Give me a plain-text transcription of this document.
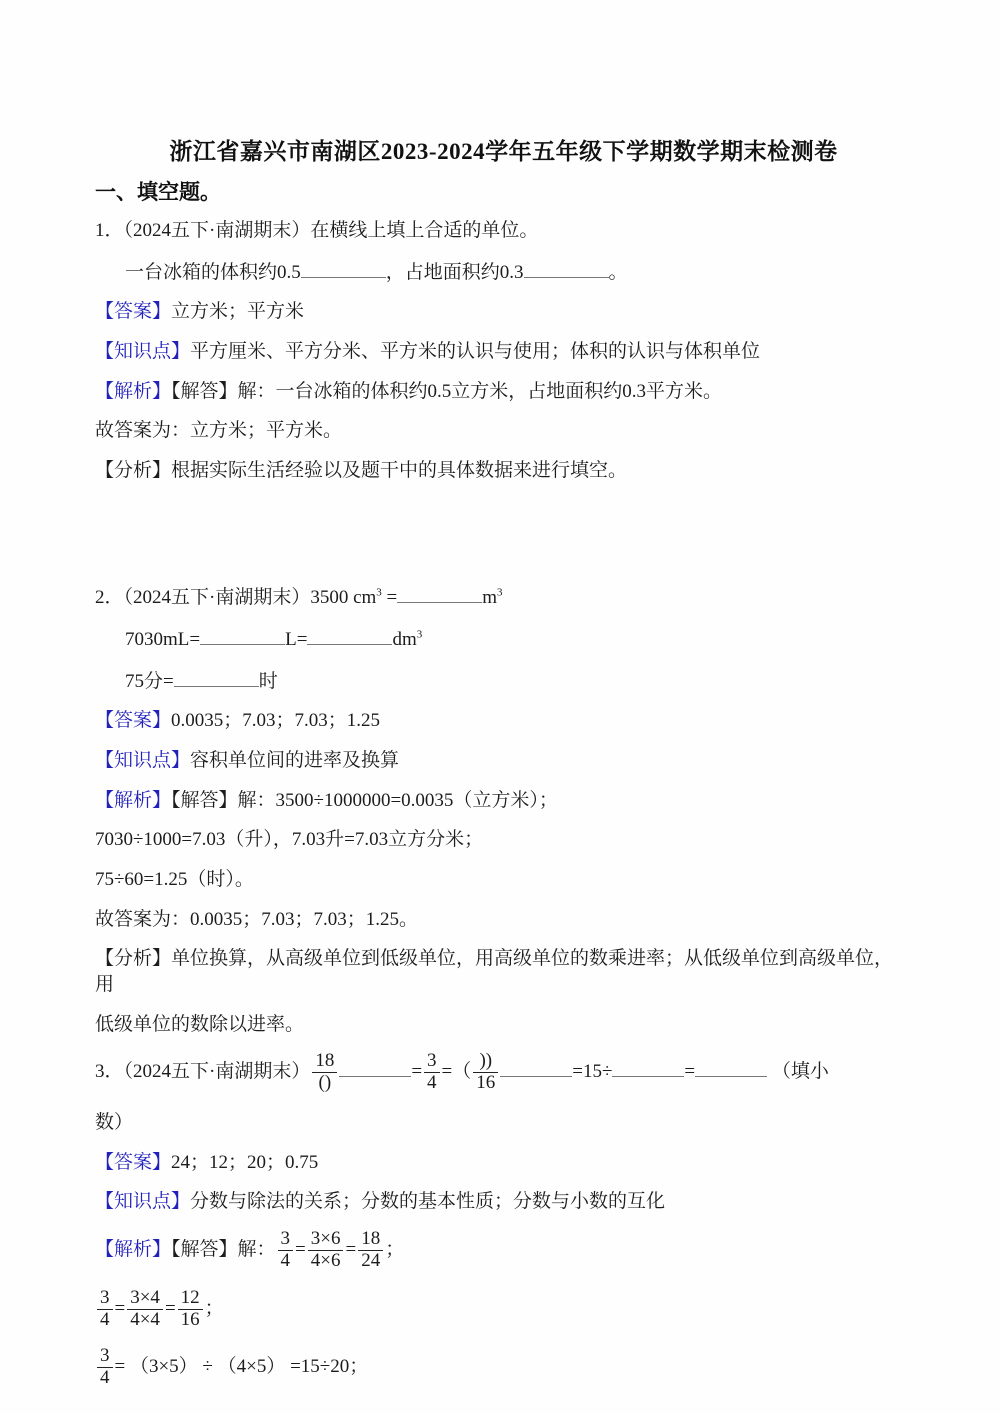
浙江省嘉兴市南湖区2023-2024学年五年级下学期数学期末检测卷
一、填空题。

1．（2024五下·南湖期末）在横线上填上合适的单位。

一台冰箱的体积约0.5	，占地面积约0.3	。

【答案】立方米；平方米

【知识点】平方厘米、平方分米、平方米的认识与使用；体积的认识与体积单位

【解析】【解答】解：一台冰箱的体积约0.5立方米，占地面积约0.3平方米。

故答案为：立方米；平方米。

【分析】根据实际生活经验以及题干中的具体数据来进行填空。

2．（2024五下·南湖期末）3500 $cm^3$ =	$m^3$

7030mL=	L=	$dm^3$

75分=	时

【答案】0.0035；7.03；7.03；1.25

【知识点】容积单位间的进率及换算

【解析】【解答】解：3500÷1000000=0.0035（立方米）；

7030÷1000=7.03（升），7.03升=7.03立方分米；

75÷60=1.25（时）。

故答案为：0.0035；7.03；7.03；1.25。

【分析】单位换算，从高级单位到低级单位，用高级单位的数乘进率；从低级单位到高级单位，用

低级单位的数除以进率。

3．（2024五下·南湖期末） $\frac{18}{()}$	= $\frac{3}{4}$ =（ $\frac{))}{16}$	=15÷	=	（填小

数）

【答案】24；12；20；0.75

【知识点】分数与除法的关系；分数的基本性质；分数与小数的互化

【解析】【解答】解： $\frac{3}{4} = \frac{3\times 6}{4\times 6} = \frac{18}{24}$ ；

$\frac{3}{4} = \frac{3\times 4}{4\times 4} = \frac{12}{16}$ ；

$\frac{3}{4} = (3\times 5) \div (4\times 5) =15\div 20$；
